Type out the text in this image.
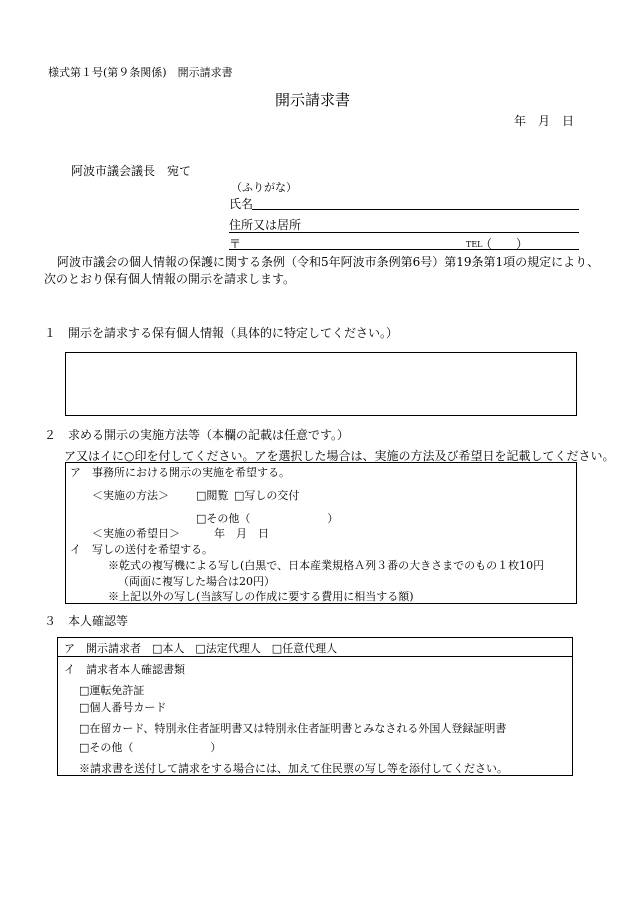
様式第１号(第９条関係)　開示請求書
開示請求書
年　月　日
阿波市議会議長　宛て
（ふりがな）
氏名
住所又は居所
〒	TEL
（　　）
阿波市議会の個人情報の保護に関する条例（令和5年阿波市条例第6号）第19条第1項の規定により、
次のとおり保有個人情報の開示を請求します。
１　開示を請求する保有個人情報（具体的に特定してください。）
２　求める開示の実施方法等（本欄の記載は任意です。）
ア又はイに○印を付してください。アを選択した場合は、実施の方法及び希望日を記載してください。
ア　事務所における開示の実施を希望する。
＜実施の方法＞ □閲覧 □写しの交付
□その他（　　　　　　　）
＜実施の希望日＞	年　月　日
イ　写しの送付を希望する。
※乾式の複写機による写し(白黒で、日本産業規格Ａ列３番の大きさまでのもの１枚10円
（両面に複写した場合は20円）
※上記以外の写し(当該写しの作成に要する費用に相当する額)
３　本人確認等
ア　開示請求者　□本人　□法定代理人　□任意代理人
イ　請求者本人確認書類
□運転免許証
□個人番号カード
□在留カード、特別永住者証明書又は特別永住者証明書とみなされる外国人登録証明書
□その他（　　　　　　　）
※請求書を送付して請求をする場合には、加えて住民票の写し等を添付してください。
